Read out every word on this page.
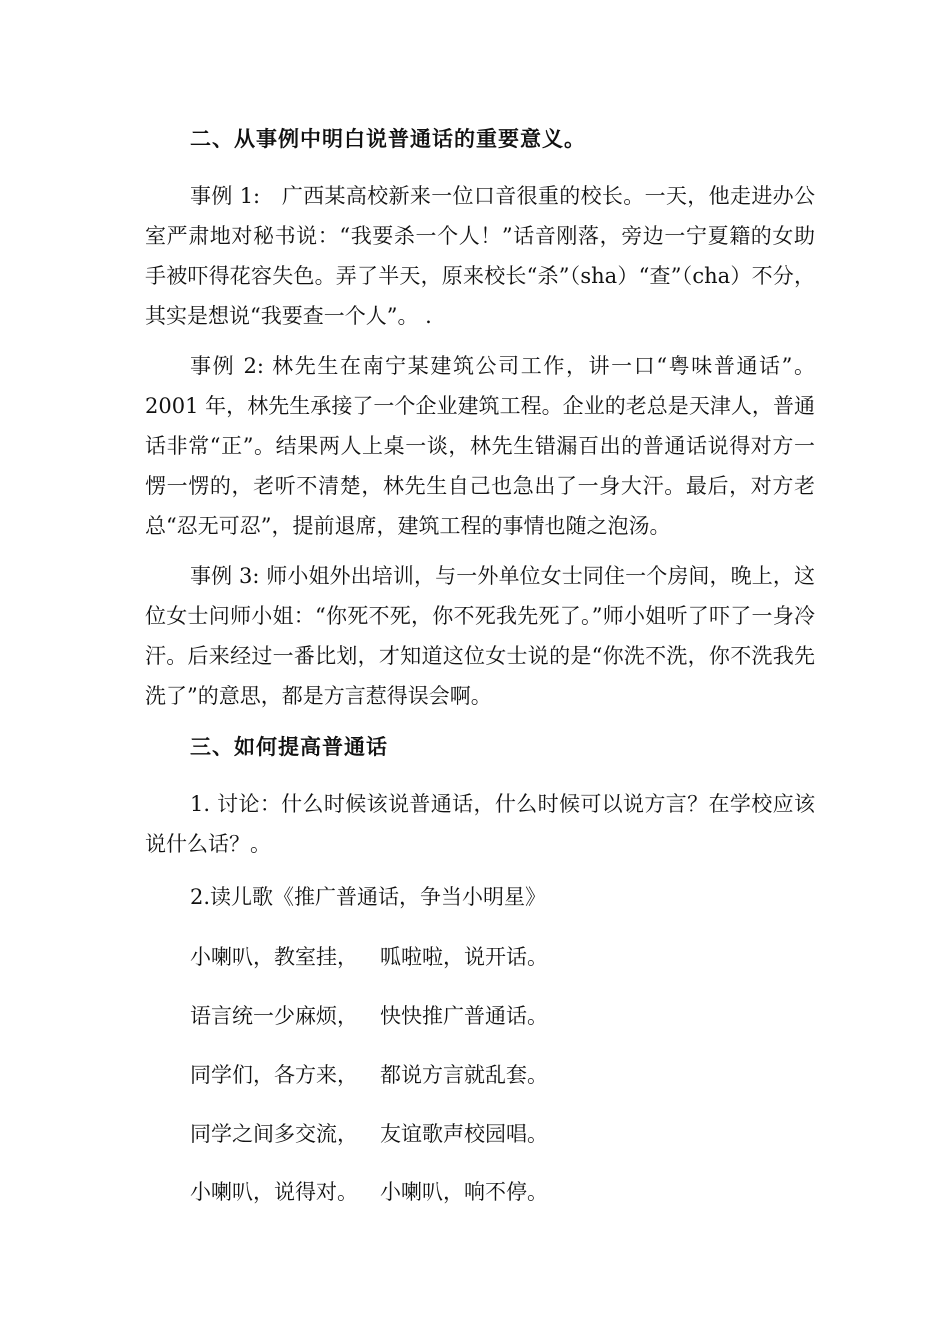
二、从事例中明白说普通话的重要意义。
事例 1:　广西某高校新来一位口音很重的校长。一天，他走进办公室严肃地对秘书说：“我要杀一个人！”话音刚落，旁边一宁夏籍的女助手被吓得花容失色。弄了半天，原来校长“杀”（sha）“查”（cha）不分，其实是想说“我要查一个人”。 .
事例 2: 林先生在南宁某建筑公司工作，讲一口“粤味普通话”。2001 年，林先生承接了一个企业建筑工程。企业的老总是天津人，普通话非常“正”。结果两人上桌一谈，林先生错漏百出的普通话说得对方一愣一愣的，老听不清楚，林先生自己也急出了一身大汗。最后，对方老总“忍无可忍”，提前退席，建筑工程的事情也随之泡汤。
事例 3: 师小姐外出培训，与一外单位女士同住一个房间，晚上，这位女士问师小姐：“你死不死，你不死我先死了。”师小姐听了吓了一身冷汗。后来经过一番比划，才知道这位女士说的是“你洗不洗，你不洗我先洗了”的意思，都是方言惹得误会啊。
三、如何提高普通话
1. 讨论：什么时候该说普通话，什么时候可以说方言？在学校应该说什么话？。
2.读儿歌《推广普通话，争当小明星》
小喇叭，教室挂， 呱啦啦，说开话。
语言统一少麻烦， 快快推广普通话。
同学们，各方来， 都说方言就乱套。
同学之间多交流， 友谊歌声校园唱。
小喇叭，说得对。 小喇叭，响不停。
